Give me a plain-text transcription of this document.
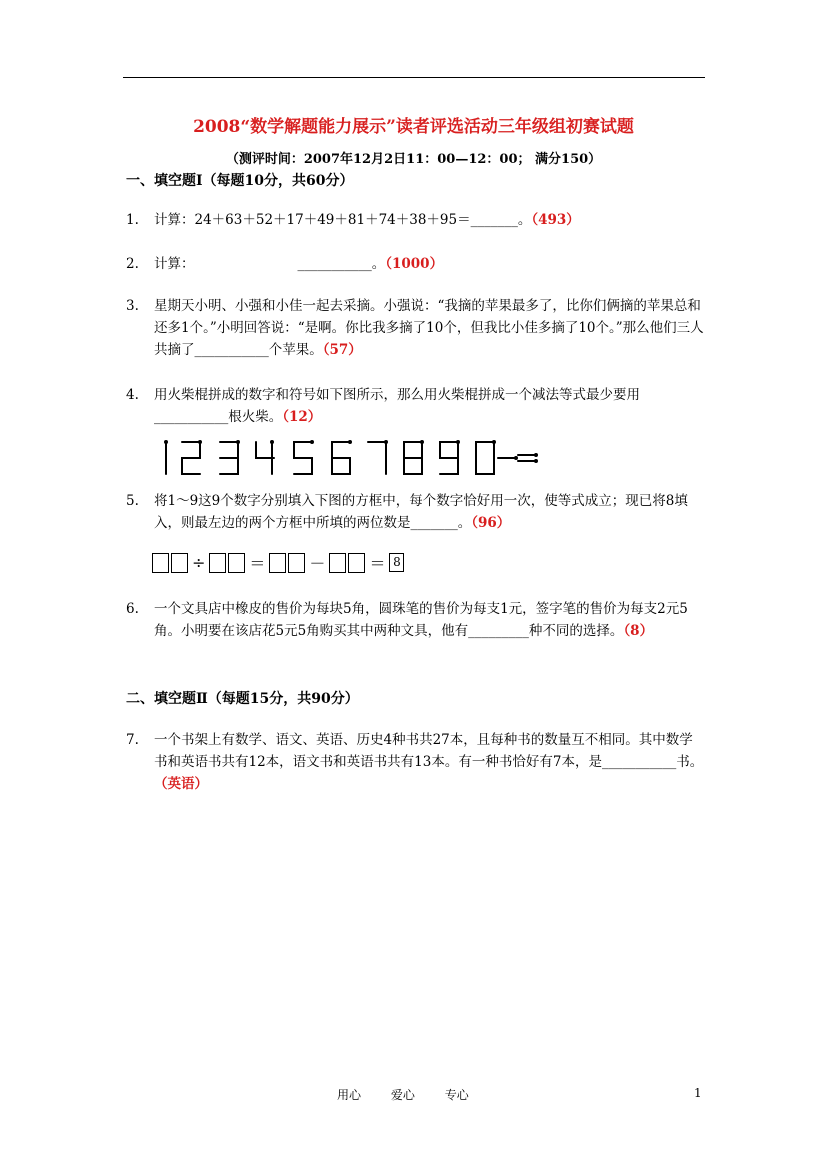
2008“数学解题能力展示”读者评选活动三年级组初赛试题
（测评时间：2007年12月2日11：00—12：00； 满分150）
一、填空题Ⅰ（每题10分，共60分）
1.	计算：24＋63＋52＋17＋49＋81＋74＋38＋95＝_______。（493）
2.	计算：                        ___________。（1000）
3.	星期天小明、小强和小佳一起去采摘。小强说：“我摘的苹果最多了，比你们俩摘的苹果总和还多1个。”小明回答说：“是啊。你比我多摘了10个，但我比小佳多摘了10个。”那么他们三人共摘了___________个苹果。（57）
4.	用火柴棍拼成的数字和符号如下图所示，那么用火柴棍拼成一个减法等式最少要用___________根火柴。（12）
5.	将1～9这9个数字分别填入下图的方框中，每个数字恰好用一次，使等式成立；现已将8填入，则最左边的两个方框中所填的两位数是_______。（96）
÷	＝	－	＝ 8
6.	一个文具店中橡皮的售价为每块5角，圆珠笔的售价为每支1元，签字笔的售价为每支2元5角。小明要在该店花5元5角购买其中两种文具，他有_________种不同的选择。（8）
二、填空题Ⅱ（每题15分，共90分）
7.	一个书架上有数学、语文、英语、历史4种书共27本，且每种书的数量互不相同。其中数学书和英语书共有12本，语文书和英语书共有13本。有一种书恰好有7本，是___________书。（英语）
用心 爱心 专心	1
